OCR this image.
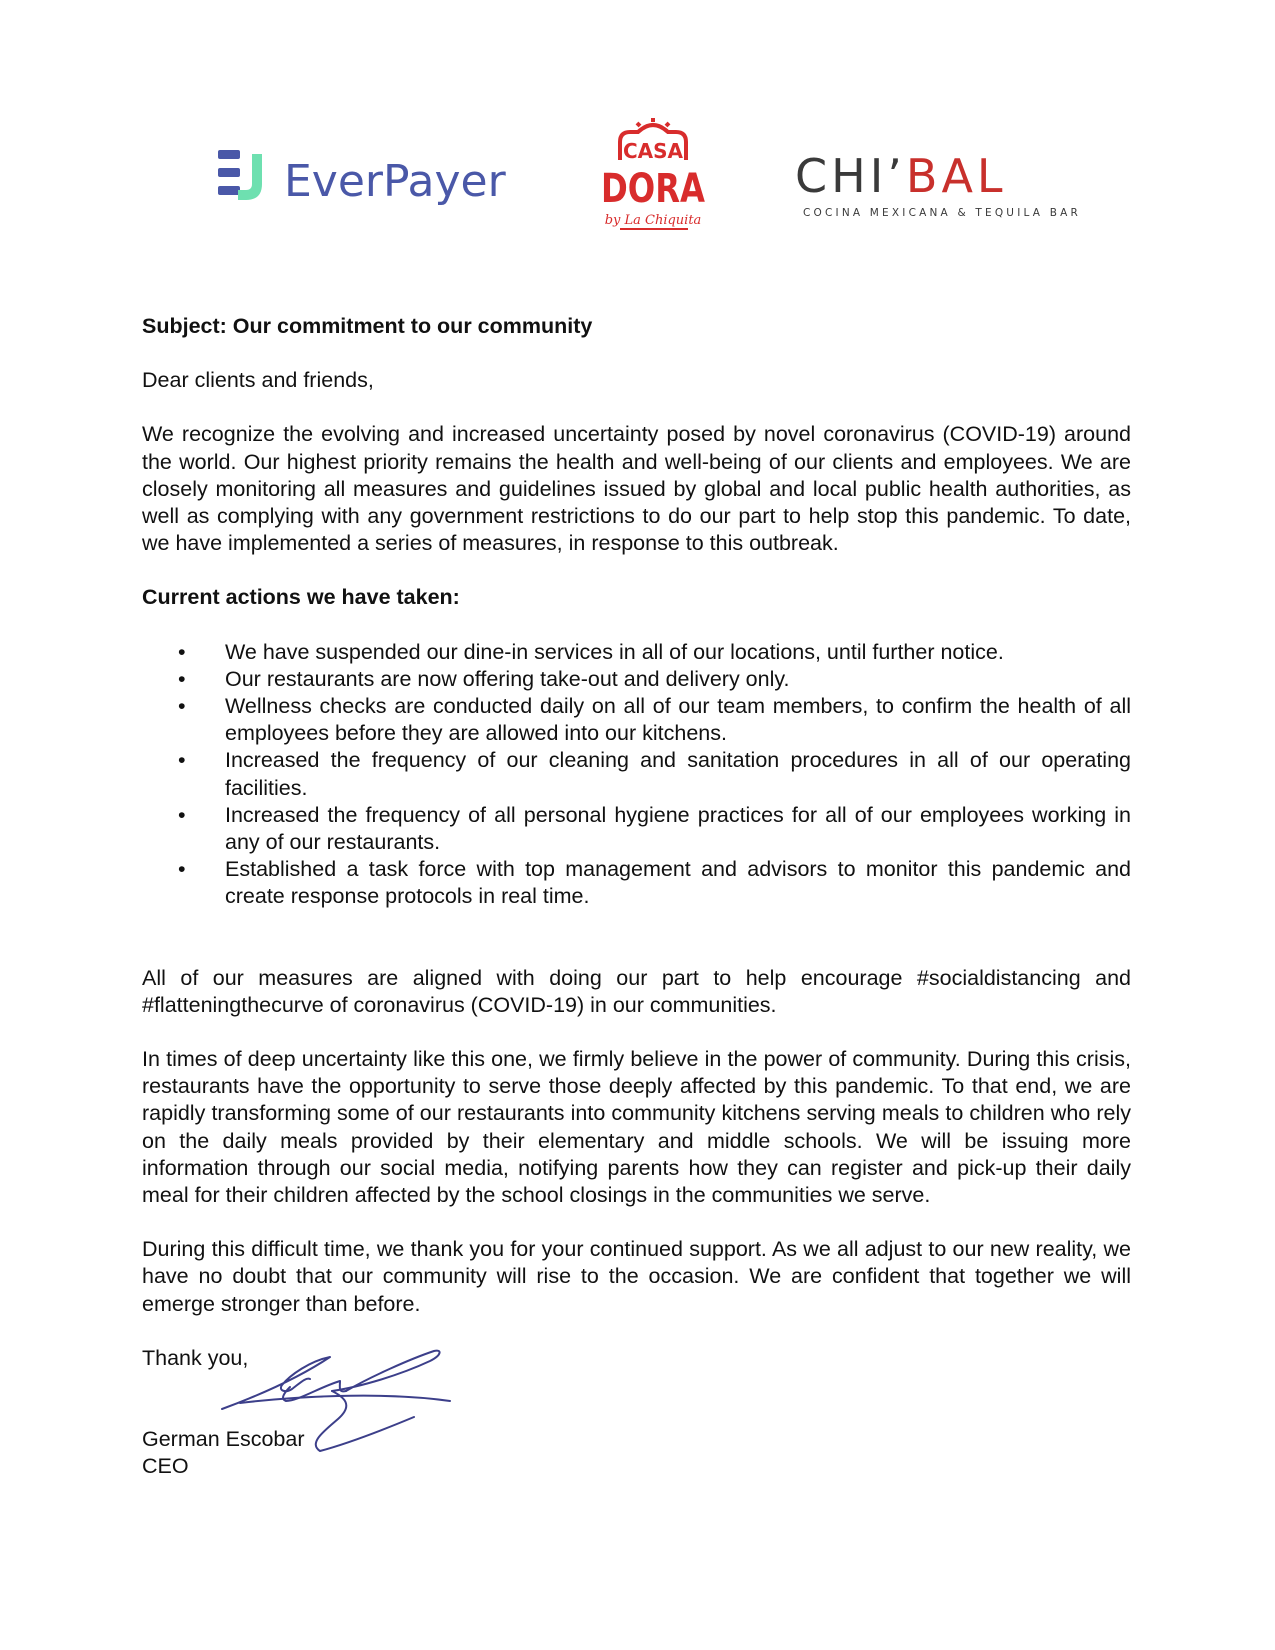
EverPayer
CASA
DORA
by La Chiquita
CHI’BAL
COCINA MEXICANA & TEQUILA BAR

Subject: Our commitment to our community

Dear clients and friends,

We recognize the evolving and increased uncertainty posed by novel coronavirus (COVID-19) around the world. Our highest priority remains the health and well-being of our clients and employees. We are closely monitoring all measures and guidelines issued by global and local public health authorities, as well as complying with any government restrictions to do our part to help stop this pandemic. To date, we have implemented a series of measures, in response to this outbreak.

Current actions we have taken:

• We have suspended our dine-in services in all of our locations, until further notice.
• Our restaurants are now offering take-out and delivery only.
• Wellness checks are conducted daily on all of our team members, to confirm the health of all employees before they are allowed into our kitchens.
• Increased the frequency of our cleaning and sanitation procedures in all of our operating facilities.
• Increased the frequency of all personal hygiene practices for all of our employees working in any of our restaurants.
• Established a task force with top management and advisors to monitor this pandemic and create response protocols in real time.

All of our measures are aligned with doing our part to help encourage #socialdistancing and #flatteningthecurve of coronavirus (COVID-19) in our communities.

In times of deep uncertainty like this one, we firmly believe in the power of community. During this crisis, restaurants have the opportunity to serve those deeply affected by this pandemic. To that end, we are rapidly transforming some of our restaurants into community kitchens serving meals to children who rely on the daily meals provided by their elementary and middle schools. We will be issuing more information through our social media, notifying parents how they can register and pick-up their daily meal for their children affected by the school closings in the communities we serve.

During this difficult time, we thank you for your continued support. As we all adjust to our new reality, we have no doubt that our community will rise to the occasion. We are confident that together we will emerge stronger than before.

Thank you,

German Escobar

CEO
